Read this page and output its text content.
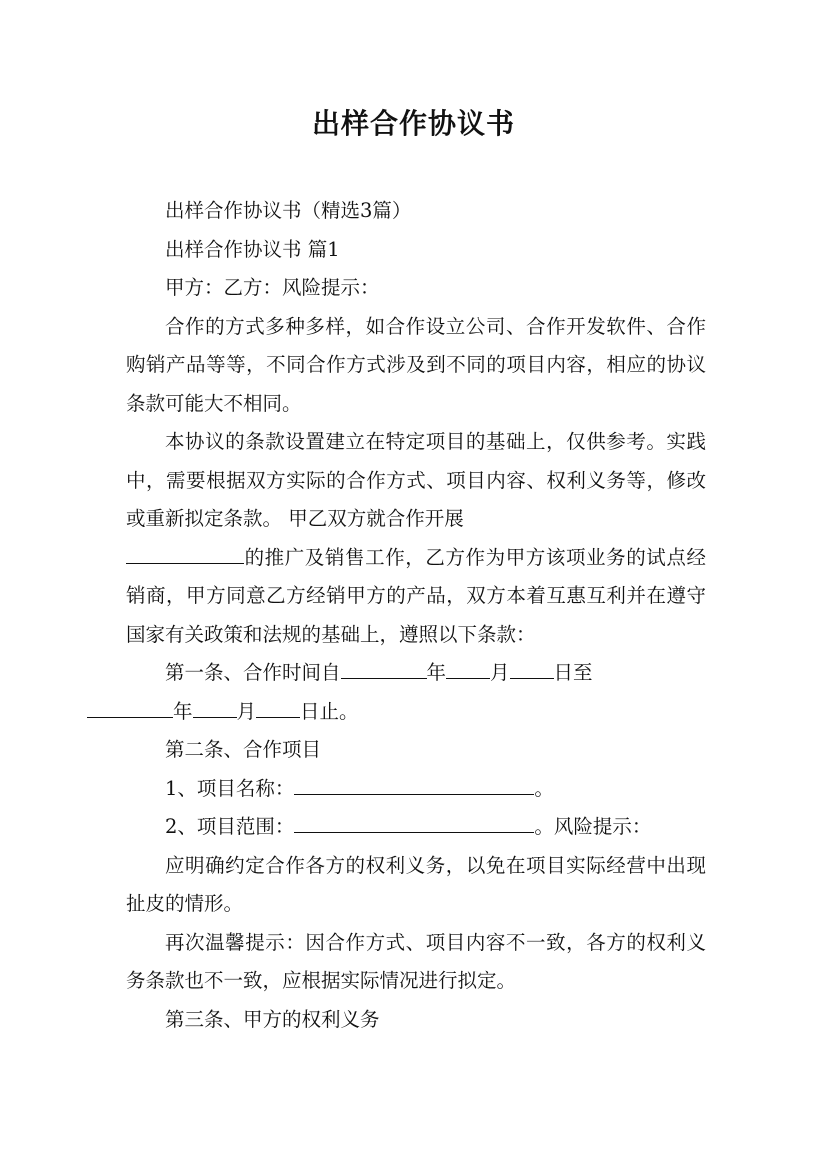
出样合作协议书

出样合作协议书（精选3篇）

出样合作协议书 篇1

甲方：乙方：风险提示：

合作的方式多种多样，如合作设立公司、合作开发软件、合作购销产品等等，不同合作方式涉及到不同的项目内容，相应的协议条款可能大不相同。

本协议的条款设置建立在特定项目的基础上，仅供参考。实践中，需要根据双方实际的合作方式、项目内容、权利义务等，修改或重新拟定条款。 甲乙双方就合作开展
的推广及销售工作，乙方作为甲方该项业务的试点经销商，甲方同意乙方经销甲方的产品，双方本着互惠互利并在遵守国家有关政策和法规的基础上，遵照以下条款：

第一条、合作时间自	年 月 日至
年 月 日止。

第二条、合作项目

1、项目名称：	。

2、项目范围：	。风险提示：

应明确约定合作各方的权利义务，以免在项目实际经营中出现扯皮的情形。

再次温馨提示：因合作方式、项目内容不一致，各方的权利义务条款也不一致，应根据实际情况进行拟定。

第三条、甲方的权利义务
